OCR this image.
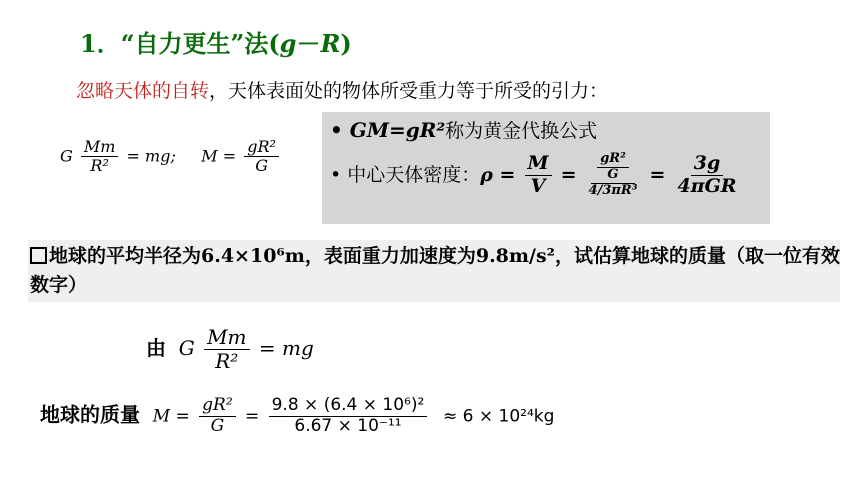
1．“自力更生”法(g－R)
忽略天体的自转，天体表面处的物体所受重力等于所受的引力：
G $\frac{Mm}{\text{R²}}$ = mg; $M = \frac{\text{gR²}}{G}$
• GM=gR²称为黄金代换公式
• 中心天体密度：$\rho = \frac{M}{V} = \frac{\frac{\text{gR²}}{G}}{\text{4/3πR³}} = \frac{3g}{\text{4πGR}}$
地球的平均半径为6.4×10⁶m，表面重力加速度为9.8m/s²，试估算地球的质量（取一位有效数字）
由 G $\frac{Mm}{\text{R²}}$ = mg
地球的质量 $M = \frac{\text{gR²}}{G} = \frac{\text{9.8 × (6.4 × 10⁶)²}}{\text{6.67 × 10⁻¹¹}} \approx 6 \times 10^{24}kg$
